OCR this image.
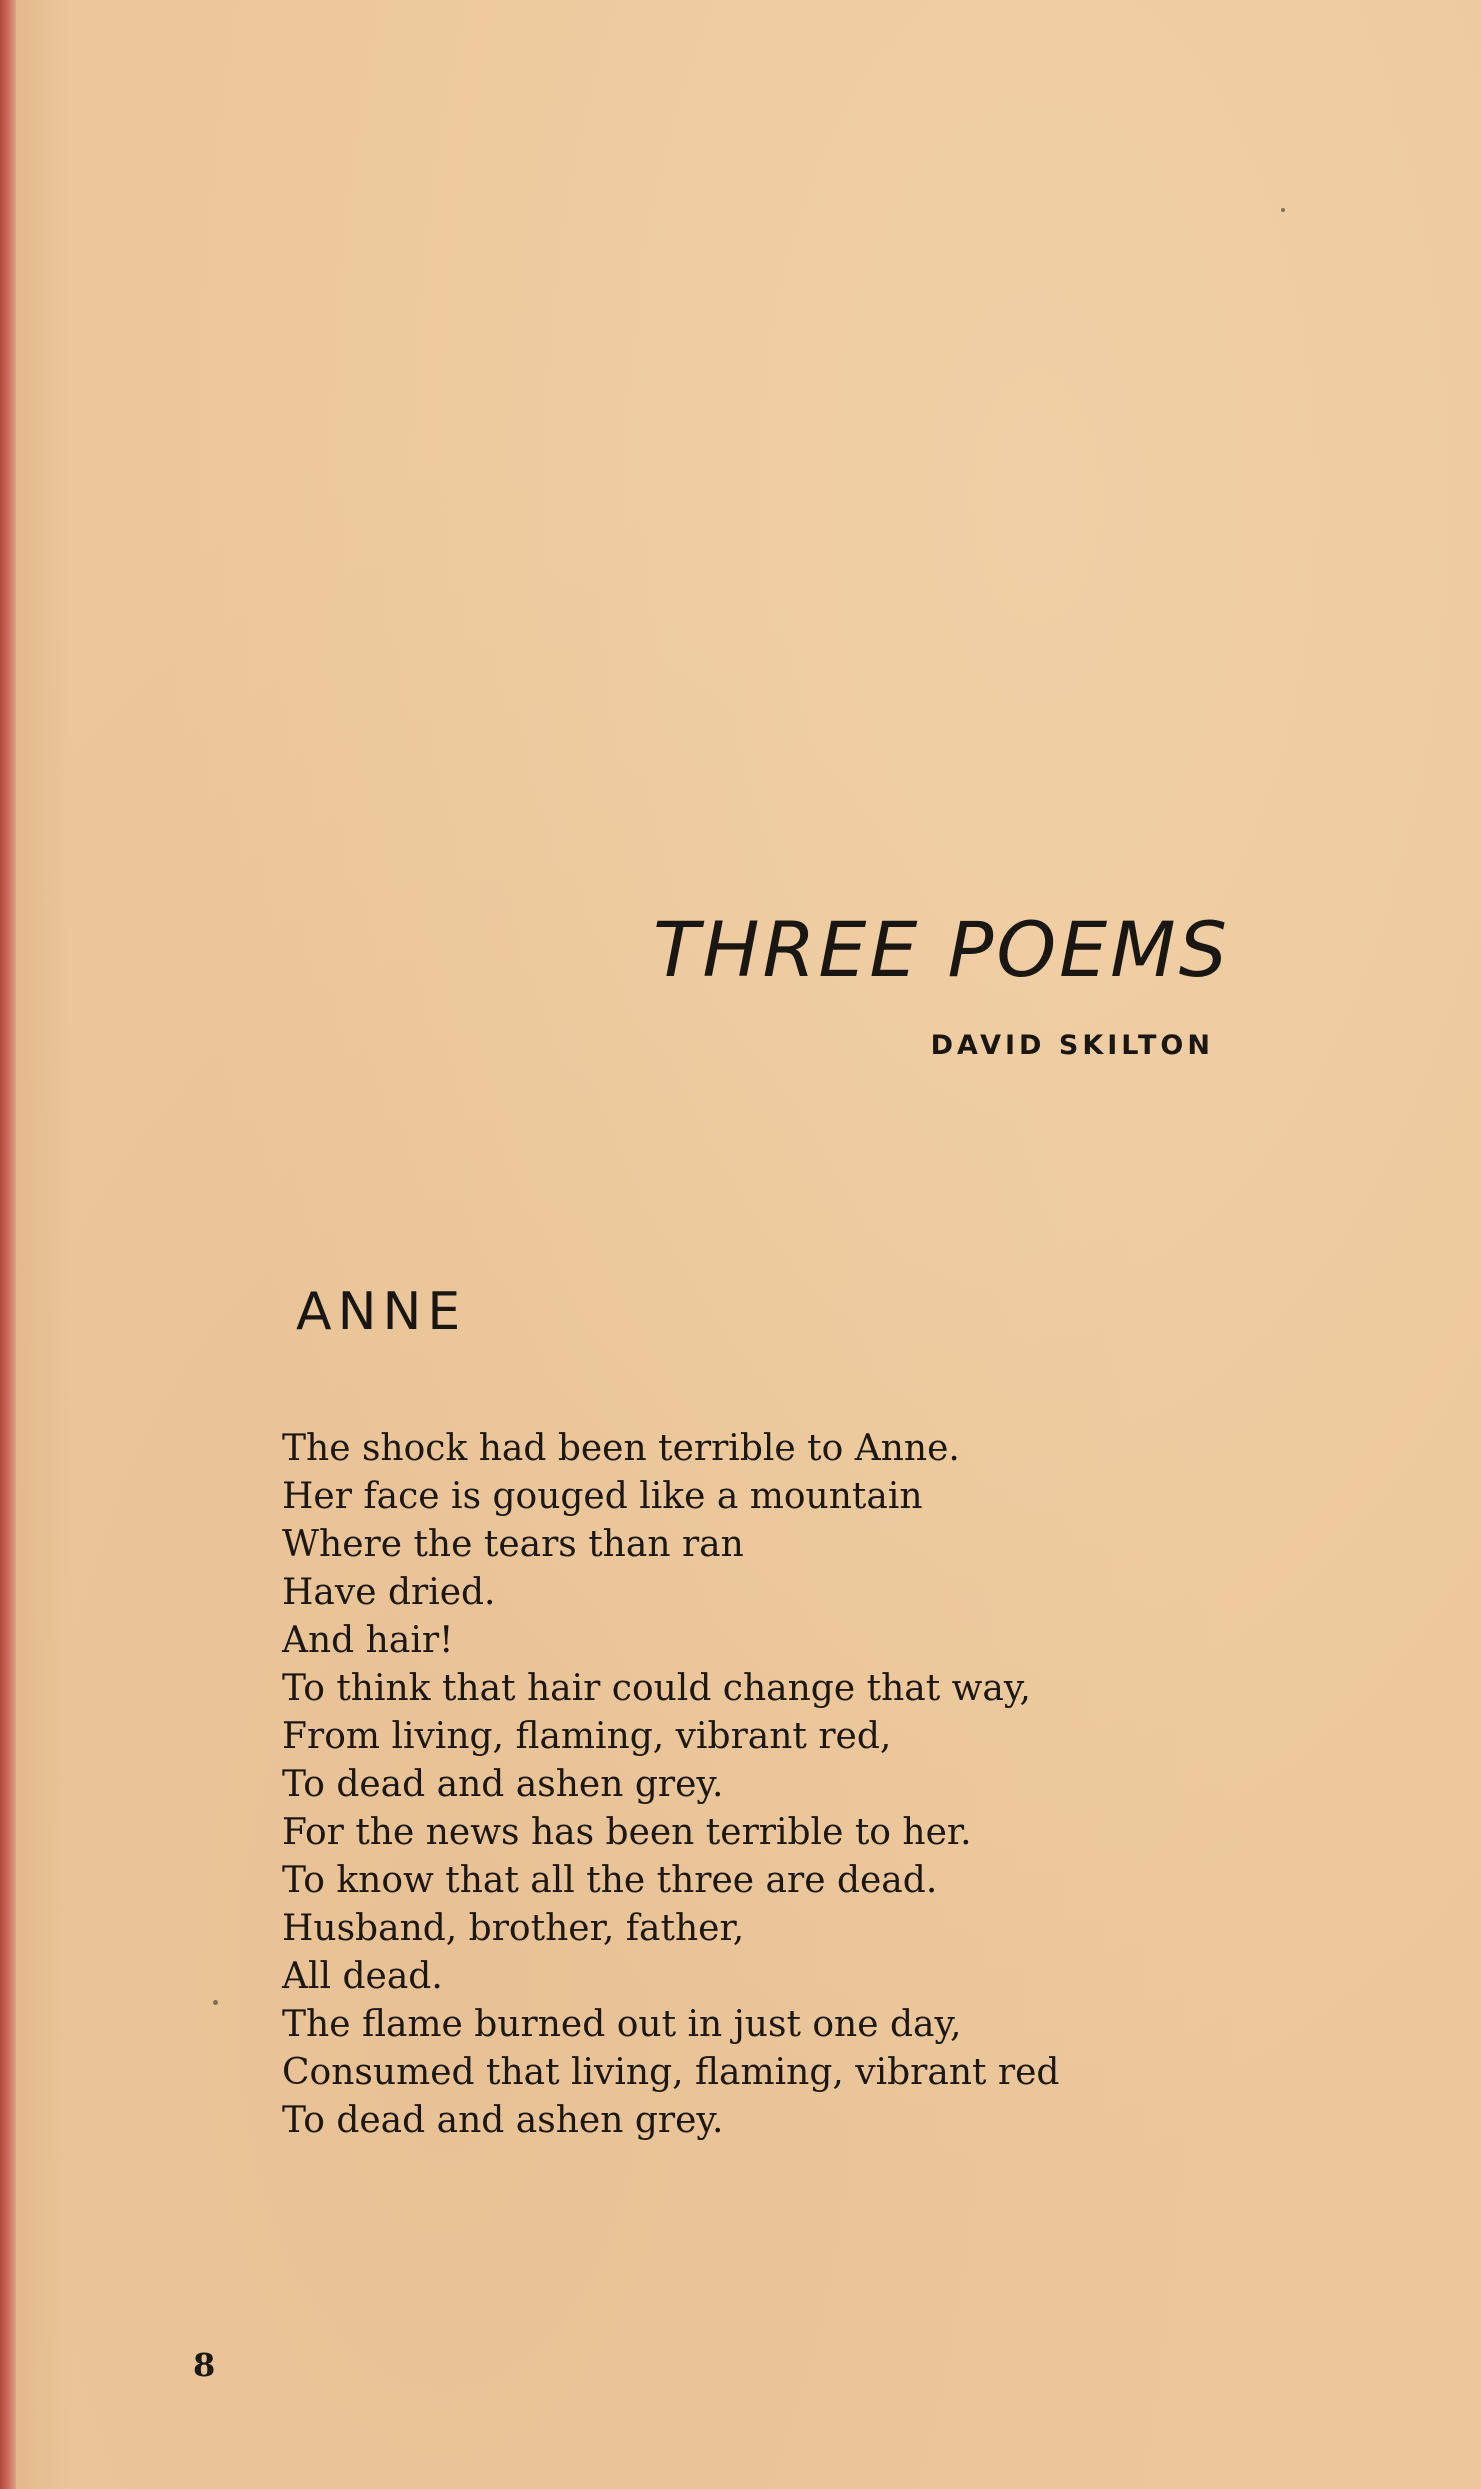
THREE POEMS
DAVID SKILTON
ANNE
The shock had been terrible to Anne.
Her face is gouged like a mountain
Where the tears than ran
Have dried.
And hair!
To think that hair could change that way,
From living, flaming, vibrant red,
To dead and ashen grey.
For the news has been terrible to her.
To know that all the three are dead.
Husband, brother, father,
All dead.
The flame burned out in just one day,
Consumed that living, flaming, vibrant red
To dead and ashen grey.
8
